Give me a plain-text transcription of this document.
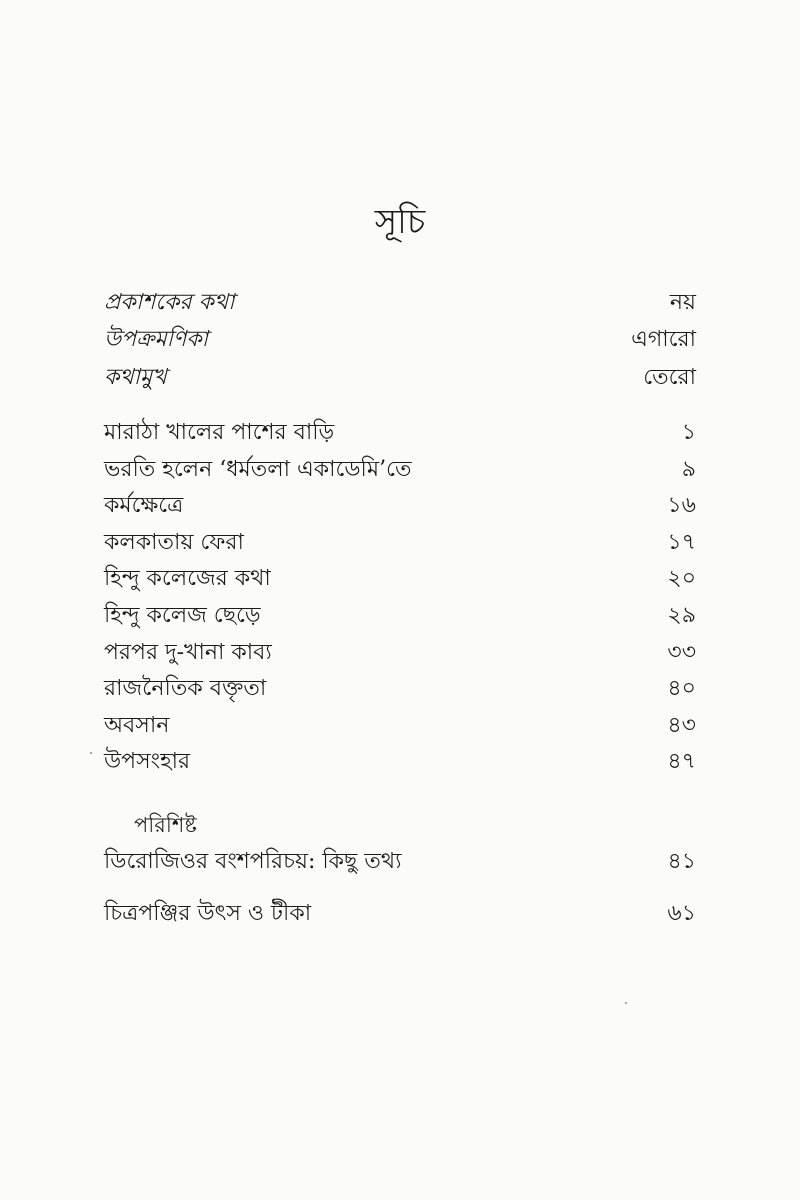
সূচি
প্রকাশকের কথা	নয়
উপক্রমণিকা	এগারো
কথামুখ	তেরো
মারাঠা খালের পাশের বাড়ি	১
ভরতি হলেন ‘ধর্মতলা একাডেমি’তে	৯
কর্মক্ষেত্রে	১৬
কলকাতায় ফেরা	১৭
হিন্দু কলেজের কথা	২০
হিন্দু কলেজ ছেড়ে	২৯
পরপর দু-খানা কাব্য	৩৩
রাজনৈতিক বক্তৃতা	৪০
অবসান	৪৩
উপসংহার	৪৭
পরিশিষ্ট
ডিরোজিওর বংশপরিচয়: কিছু তথ্য	৪১
চিত্রপঞ্জির উৎস ও টীকা	৬১
